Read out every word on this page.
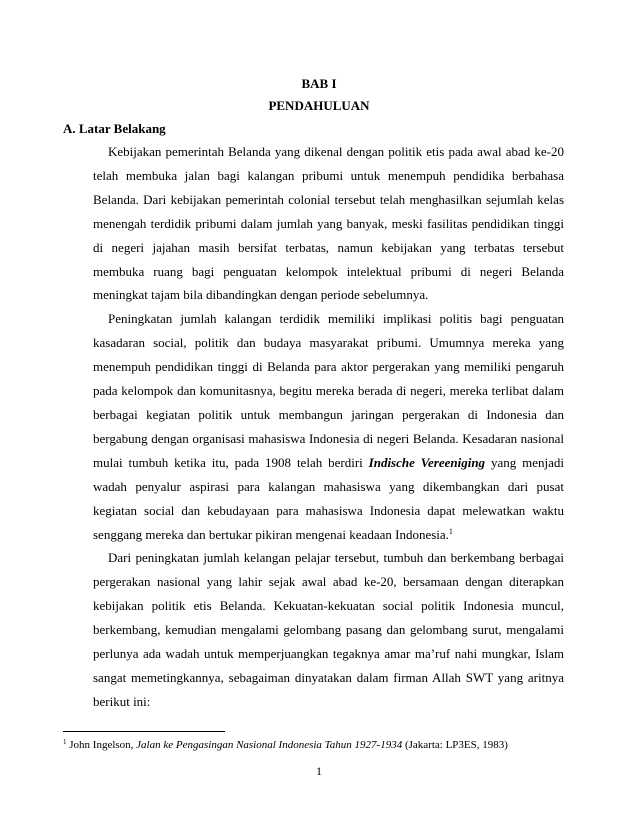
BAB I
PENDAHULUAN
A. Latar Belakang

Kebijakan pemerintah Belanda yang dikenal dengan politik etis pada awal abad ke-20 telah membuka jalan bagi kalangan pribumi untuk menempuh pendidika berbahasa Belanda. Dari kebijakan pemerintah colonial tersebut telah menghasilkan sejumlah kelas menengah terdidik pribumi dalam jumlah yang banyak, meski fasilitas pendidikan tinggi di negeri jajahan masih bersifat terbatas, namun kebijakan yang terbatas tersebut membuka ruang bagi penguatan kelompok intelektual pribumi di negeri Belanda meningkat tajam bila dibandingkan dengan periode sebelumnya.

Peningkatan jumlah kalangan terdidik memiliki implikasi politis bagi penguatan kasadaran social, politik dan budaya masyarakat pribumi. Umumnya mereka yang menempuh pendidikan tinggi di Belanda para aktor pergerakan yang memiliki pengaruh pada kelompok dan komunitasnya, begitu mereka berada di negeri, mereka terlibat dalam berbagai kegiatan politik untuk membangun jaringan pergerakan di Indonesia dan bergabung dengan organisasi mahasiswa Indonesia di negeri Belanda. Kesadaran nasional mulai tumbuh ketika itu, pada 1908 telah berdiri Indische Vereeniging yang menjadi wadah penyalur aspirasi para kalangan mahasiswa yang dikembangkan dari pusat kegiatan social dan kebudayaan para mahasiswa Indonesia dapat melewatkan waktu senggang mereka dan bertukar pikiran mengenai keadaan Indonesia.$^1$

Dari peningkatan jumlah kelangan pelajar tersebut, tumbuh dan berkembang berbagai pergerakan nasional yang lahir sejak awal abad ke-20, bersamaan dengan diterapkan kebijakan politik etis Belanda. Kekuatan-kekuatan social politik Indonesia muncul, berkembang, kemudian mengalami gelombang pasang dan gelombang surut, mengalami perlunya ada wadah untuk memperjuangkan tegaknya amar ma’ruf nahi mungkar, Islam sangat memetingkannya, sebagaiman dinyatakan dalam firman Allah SWT yang aritnya berikut ini:

$^1$ John Ingelson, Jalan ke Pengasingan Nasional Indonesia Tahun 1927-1934 (Jakarta: LP3ES, 1983)
1
